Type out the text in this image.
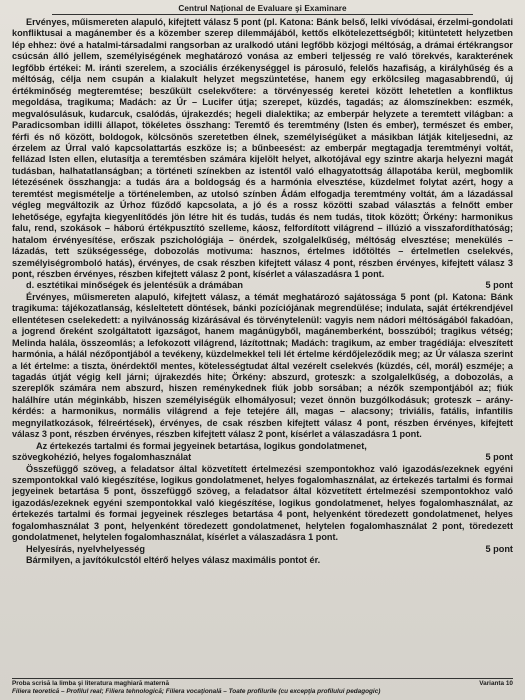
Centrul Naţional de Evaluare şi Examinare

Ervényes, műismereten alapuló, kifejtett válasz 5 pont (pl. Katona: Bánk belső, lelki vívódásai, érzelmi-gondolati konfliktusai a magánember és a közember szerep dilemmájából, kettős elkötelezettségből; kitüntetett helyzetben lép ehhez: övé a hatalmi-társadalmi rangsorban az uralkodó utáni legfőbb közjogi méltóság, a drámai értékrangsor csúcsán álló jellem, személyiségének meghatározó vonása az emberi teljesség re való törekvés, karakterének legfőbb értékei: M. iránti szerelem, a szociális érzékenységgel is párosuló, felelős hazafiság, a királyhűség és a méltóság, célja nem csupán a kialakult helyzet megszüntetése, hanem egy erkölcsileg magasabbrendű, új értékminőség megteremtése; beszűkült cselekvőtere: a törvényesség keretei között lehetetlen a konfliktus megoldása, tragikuma; Madách: az Úr – Lucifer útja; szerepet, küzdés, tagadás; az álomszínekben: eszmék, megvalósulásuk, kudarcuk, csalódás, újrakezdés; hegeli dialektika; az emberpár helyzete a teremtett világban: a Paradicsomban idilli állapot, tökéletes összhang: Teremtő és teremtmény (Isten és ember), természet és ember, férfi és nő között, boldogok, kölcsönös szeretetben élnek, személyiségüket a másikban látják kiteljesedni, az érzelem az Úrral való kapcsolattartás eszköze is; a bűnbeesést: az emberpár megtagadja teremtményi voltát, fellázad Isten ellen, elutasítja a teremtésben számára kijelölt helyet, alkotójával egy szintre akarja helyezni magát tudásban, halhatatlanságban; a történeti színekben az istentől való elhagyatottság állapotába kerül, megbomlik létezésének összhangja: a tudás ára a boldogság és a harmónia elvesztése, küzdelmet folytat azért, hogy a teremtést megismételje a történelemben, az utolsó színben Ádám elfogadja teremtmény voltát, ám a lázadással végleg megváltozik az Úrhoz fűződő kapcsolata, a jó és a rossz közötti szabad választás a felnőtt ember lehetősége, egyfajta kiegyenlítődés jön létre hit és tudás, tudás és nem tudás, titok között; Örkény: harmonikus falu, rend, szokások – háború értékpusztító szelleme, káosz, felfordított világrend – illúzió a visszafordíthatóság; hatalom érvényesítése, erőszak pszichológiája – önérdek, szolgalelkűség, méltóság elvesztése; menekülés – lázadás, tett szükségessége, dobozolás motivuma: hasznos, értelmes időtöltés – értelmetlen cselekvés, személyiségromboló hatás), érvényes, de csak részben kifejtett válasz 4 pont, részben érvényes, kifejtett válasz 3 pont, részben érvényes, részben kifejtett válasz 2 pont, kísérlet a válaszadásra 1 pont.

d. esztétikai minőségek és jelentésük a drámában	5 pont

Érvényes, műismereten alapuló, kifejtett válasz, a témát meghatározó sajátossága 5 pont (pl. Katona: Bánk tragikuma: tájékozatlanság, késleltetett döntések, bánki pozíciójának megrendülése; indulata, saját értékrendjével ellentétesen cselekedett: a nyilvánosság kizárásával és törvénytelenül: vagyis nem nádori méltóságából fakadóan, a jogrend őreként szolgáltatott igazságot, hanem magánügyből, magánemberként, bosszúból; tragikus vétség; Melinda halála, összeomlás; a lefokozott világrend, lázítottnak; Madách: tragikum, az ember tragédiája: elveszített harmónia, a hálál nézőpontjából a tevékeny, küzdelmekkel teli lét értelme kérdőjeleződik meg; az Úr válasza szerint a lét értelme: a tiszta, önérdektől mentes, kötelességtudat által vezérelt cselekvés (küzdés, cél, morál) eszméje; a tagadás útját végig kell járni; újrakezdés hite; Örkény: abszurd, groteszk: a szolgalelkűség, a dobozolás, a szereplők számára nem abszurd, hiszen reménykednek fiúk jobb sorsában; a nézők szempontjából az; fiúk halálhíre után méginkább, hiszen személyiségük elhomályosul; vezet önnön buzgólkodásuk; groteszk – arány-kérdés: a harmonikus, normális világrend a feje tetejére áll, magas – alacsony; triviális, fatális, infantilis megnyilatkozások, félreértések), érvényes, de csak részben kifejtett válasz 4 pont, részben érvényes, kifejtett válasz 3 pont, részben érvényes, részben kifejtett válasz 2 pont, kísérlet a válaszadásra 1 pont.

Az értekezés tartalmi és formai jegyeinek betartása, logikus gondolatmenet,
szövegkohézió, helyes fogalomhasználat	5 pont

Összefüggő szöveg, a feladatsor által közvetített értelmezési szempontokhoz való igazodás/ezeknek egyéni szempontokkal való kiegészítése, logikus gondolatmenet, helyes fogalomhasználat, az értekezés tartalmi és formai jegyeinek betartása 5 pont, összefüggő szöveg, a feladatsor által közvetített értelmezési szempontokhoz való igazodás/ezeknek egyéni szempontokkal való kiegészítése, logikus gondolatmenet, helyes fogalomhasználat, az értekezés tartalmi és formai jegyeinek részleges betartása 4 pont, helyenként töredezett gondolatmenet, helyes fogalomhasználat 3 pont, helyenként töredezett gondolatmenet, helytelen fogalomhasználat 2 pont, töredezett gondolatmenet, helytelen fogalomhasználat, kísérlet a válaszadásra 1 pont.

Helyesírás, nyelvhelyesség	5 pont

Bármilyen, a javítókulcstól eltérő helyes válasz maximális pontot ér.

Proba scrisă la limba şi literatura maghiară maternă	Varianta 10
Filiera teoretică – Profilul real; Filiera tehnologică; Filiera vocaţională – Toate profilurile (cu excepţia profilului pedagogic)
